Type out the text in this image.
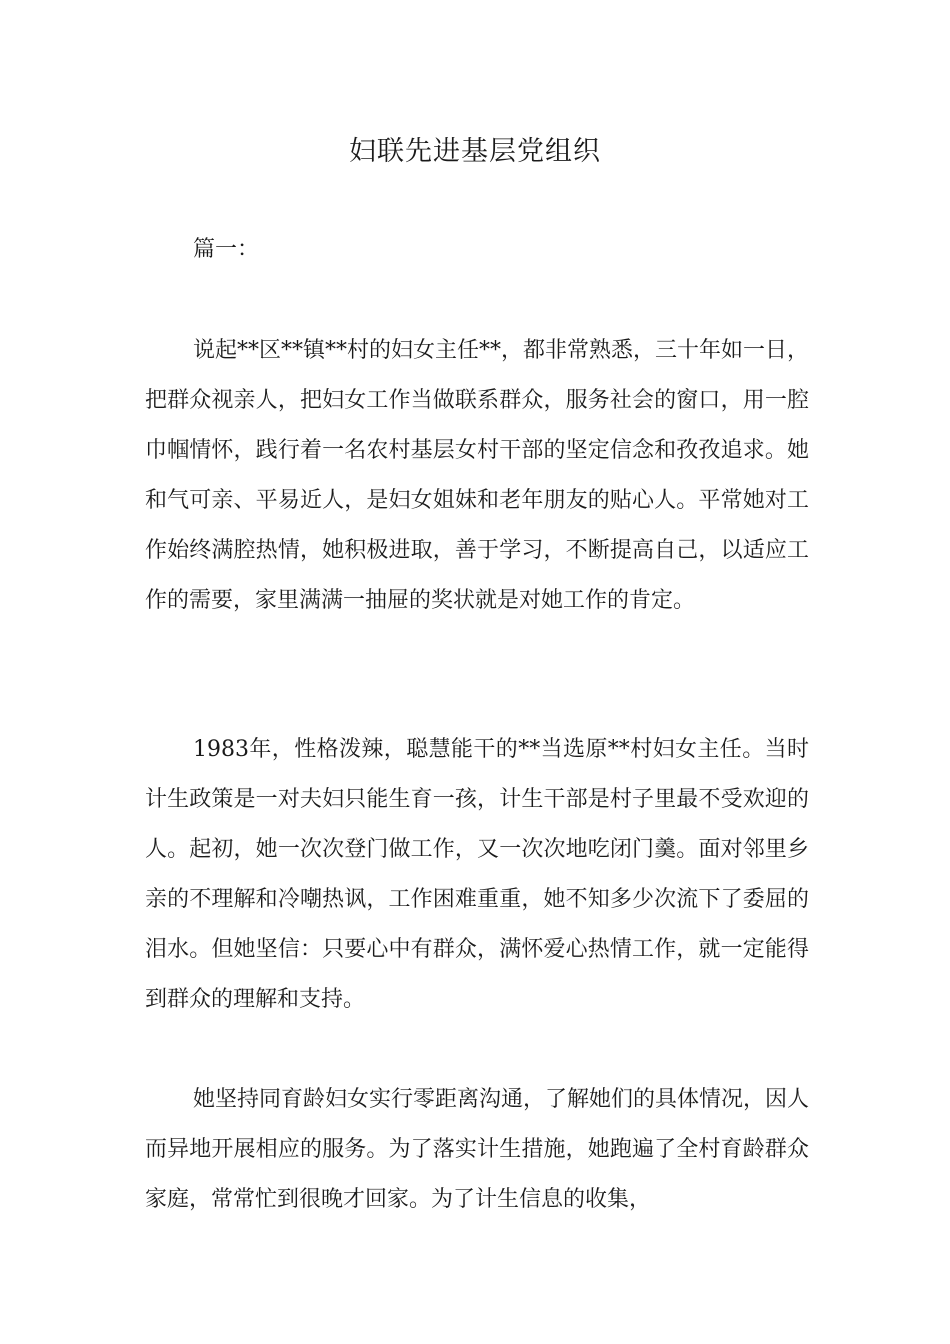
妇联先进基层党组织

篇一：

说起**区**镇**村的妇女主任**，都非常熟悉，三十年如一日，把群众视亲人，把妇女工作当做联系群众，服务社会的窗口，用一腔巾帼情怀，践行着一名农村基层女村干部的坚定信念和孜孜追求。她和气可亲、平易近人，是妇女姐妹和老年朋友的贴心人。平常她对工作始终满腔热情，她积极进取，善于学习，不断提高自己，以适应工作的需要，家里满满一抽屉的奖状就是对她工作的肯定。

1983年，性格泼辣，聪慧能干的**当选原**村妇女主任。当时计生政策是一对夫妇只能生育一孩，计生干部是村子里最不受欢迎的人。起初，她一次次登门做工作，又一次次地吃闭门羹。面对邻里乡亲的不理解和冷嘲热讽，工作困难重重，她不知多少次流下了委屈的泪水。但她坚信：只要心中有群众，满怀爱心热情工作，就一定能得到群众的理解和支持。

她坚持同育龄妇女实行零距离沟通，了解她们的具体情况，因人而异地开展相应的服务。为了落实计生措施，她跑遍了全村育龄群众家庭，常常忙到很晚才回家。为了计生信息的收集，
